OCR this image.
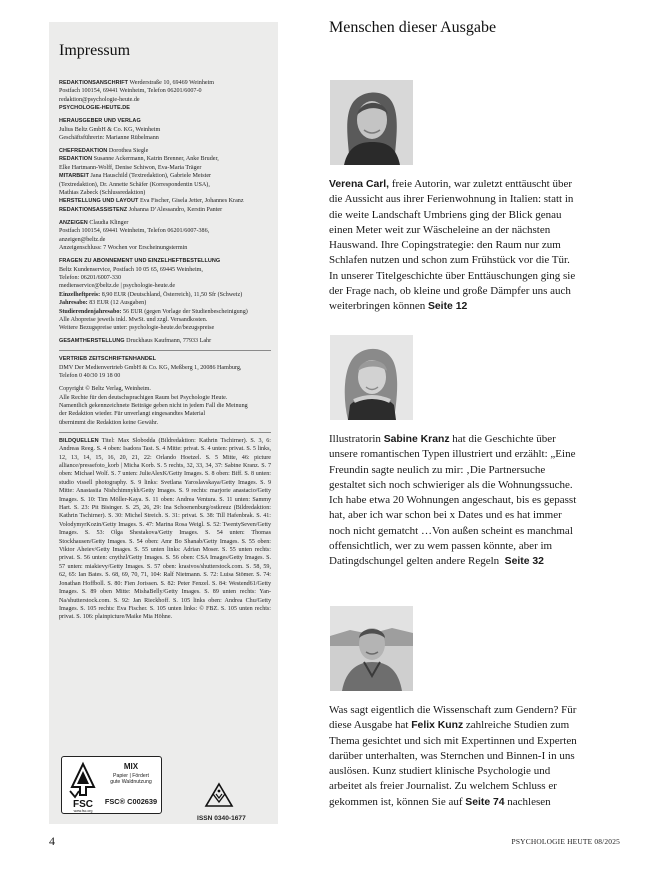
Impressum

REDAKTIONSANSCHRIFT Werderstraße 10, 69469 Weinheim

Postfach 100154, 69441 Weinheim, Telefon 06201/6007-0

redaktion@psychologie-heute.de

PSYCHOLOGIE-HEUTE.DE

HERAUSGEBER UND VERLAG

Julius Beltz GmbH & Co. KG, Weinheim

Geschäftsführerin: Marianne Rübelmann

CHEFREDAKTION Dorothea Siegle

REDAKTION Susanne Ackermann, Katrin Brenner, Anke Bruder,

Elke Hartmann-Wolff, Denise Schiwon, Eva-Maria Träger

MITARBEIT Jana Hauschild (Textredaktion), Gabriele Meister

(Textredaktion), Dr. Annette Schäfer (Korrespondentin USA),

Mathias Zabeck (Schlussredaktion)

HERSTELLUNG UND LAYOUT Eva Fischer, Gisela Jetter, Johannes Kranz

REDAKTIONSASSISTENZ Johanna D’Alessandro, Kerstin Panter

ANZEIGEN Claudia Klinger

Postfach 100154, 69441 Weinheim, Telefon 06201/6007-386,

anzeigen@beltz.de

Anzeigenschluss: 7 Wochen vor Erscheinungstermin

FRAGEN ZU ABONNEMENT UND EINZELHEFTBESTELLUNG

Beltz Kundenservice, Postfach 10 05 65, 69445 Weinheim,

Telefon: 06201/6007-330

medienservice@beltz.de | psychologie-heute.de

Einzelheftpreis: 8,90 EUR (Deutschland, Österreich), 11,50 Sfr (Schweiz)

Jahresabo: 83 EUR (12 Ausgaben)

Studierendenjahresabo: 56 EUR (gegen Vorlage der Studienbescheinigung)

Alle Abopreise jeweils inkl. MwSt. und zzgl. Versandkosten.

Weitere Bezugspreise unter: psychologie-heute.de/bezugspreise

GESAMTHERSTELLUNG Druckhaus Kaufmann, 77933 Lahr

VERTRIEB ZEITSCHRIFTENHANDEL

DMV Der Medienvertrieb GmbH & Co. KG, Meßberg 1, 20086 Hamburg,

Telefon 0 40/30 19 18 00

Copyright © Beltz Verlag, Weinheim.

Alle Rechte für den deutschsprachigen Raum bei Psychologie Heute.

Namentlich gekennzeichnete Beiträge geben nicht in jedem Fall die Meinung

der Redaktion wieder. Für unverlangt eingesandtes Material

übernimmt die Redaktion keine Gewähr.

BILDQUELLEN Titel: Max Slobodda (Bildredaktion: Kathrin Tschirner). S. 3, 6: Andreas Reeg. S. 4 oben: Isadora Tast. S. 4 Mitte: privat. S. 4 unten: privat. S. 5 links, 12, 13, 14, 15, 16, 20, 21, 22: Orlando Hoetzel. S. 5 Mitte, 46: picture alliance/pressefoto_korb | Micha Korb. S. 5 rechts, 32, 33, 34, 37: Sabine Kranz. S. 7 oben: Michael Wolf. S. 7 unten: JulieAlexK/Getty Images. S. 8 oben: Biff. S. 8 unten: studio vissell photography. S. 9 links: Svetlana Yaroslavskaya/Getty Images. S. 9 Mitte: Anastasiia Nishchimnykh/Getty Images. S. 9 rechts: marjorie anastacio/Getty Images. S. 10: Tim Möller-Kaya. S. 11 oben: Andrea Ventura. S. 11 unten: Sammy Hart. S. 23: Pit Bisinger. S. 25, 26, 29: Ina Schoenenburg/ostkreuz (Bildredaktion: Kathrin Tschirner). S. 30: Michel Streich. S. 31: privat. S. 38: Till Hafenbrak. S. 41: VolodymyrKozin/Getty Images. S. 47: Marina Rosa Weigl. S. 52: TwentySeven/Getty Images. S. 53: Olga Shestakova/Getty Images. S. 54 unten: Thomas Stockhausen/Getty Images. S. 54 oben: Amr Bo Shanab/Getty Images. S. 55 oben: Viktor Aheiev/Getty Images. S. 55 unten links: Adrian Moser. S. 55 unten rechts: privat. S. 56 unten: cnythzl/Getty Images. S. 56 oben: CSA Images/Getty Images. S. 57 unten: miakievy/Getty Images. S. 57 oben: krasivos/shutterstock.com. S. 58, 59, 62, 65: Ian Bates. S. 68, 69, 70, 71, 104: Ralf Nietmann. S. 72: Luisa Stömer. S. 74: Jonathan Hoffboll. S. 80: Fien Jorissen. S. 82: Peter Fenzel. S. 84: Westend61/Getty Images. S. 89 oben Mitte: MishaBelly/Getty Images. S. 89 unten rechts: Yan-Na/shutterstock.com. S. 92: Jan Rieckhoff. S. 105 links oben: Andrea Chu/Getty Images. S. 105 rechts: Eva Fischer. S. 105 unten links: © FBZ. S. 105 unten rechts: privat. S. 106: plainpicture/Maike Mia Höhne.

FSC
www.fsc.org
MIX
Papier | Fördert
gute Waldnutzung
FSC® C002639
ISSN 0340-1677
Menschen dieser Ausgabe
Verena Carl, freie Autorin, war zuletzt enttäuscht über die Aussicht aus ihrer Ferienwohnung in Italien: statt in die weite Landschaft Umbriens ging der Blick genau einen Meter weit zur Wäscheleine an der nächsten Hauswand. Ihre Copingstrategie: den Raum nur zum Schlafen nutzen und schon zum Frühstück vor die Tür. In unserer Titelgeschichte über Enttäuschungen ging sie der Frage nach, ob kleine und große Dämpfer uns auch weiterbringen können Seite 12
Illustratorin Sabine Kranz hat die Geschichte über unsere romantischen Typen illustriert und erzählt: „Eine Freundin sagte neulich zu mir: ‚Die Partnersuche gestaltet sich noch schwieriger als die Wohnungssuche. Ich habe etwa 20 Wohnungen angeschaut, bis es gepasst hat, aber ich war schon bei x Dates und es hat immer noch nicht gematcht …Von außen scheint es manchmal offensichtlich, wer zu wem passen könnte, aber im Datingdschungel gelten andere Regeln Seite 32
Was sagt eigentlich die Wissenschaft zum Gendern? Für diese Ausgabe hat Felix Kunz zahlreiche Studien zum Thema gesichtet und sich mit Expertinnen und Experten darüber unterhalten, was Sternchen und Binnen-I in uns auslösen. Kunz studiert klinische Psychologie und arbeitet als freier Journalist. Zu welchem Schluss er gekommen ist, können Sie auf Seite 74 nachlesen
4	PSYCHOLOGIE HEUTE 08/2025
